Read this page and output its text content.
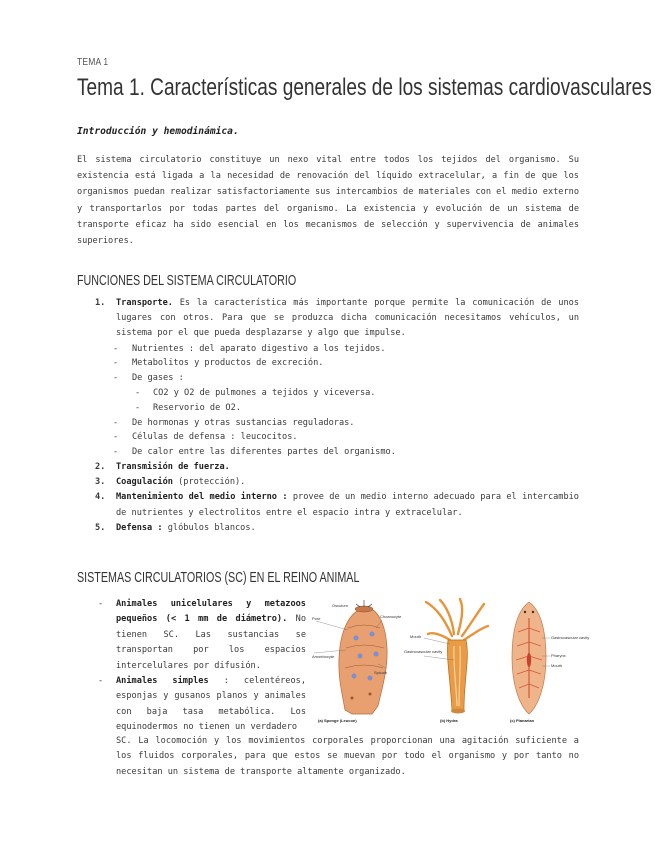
TEMA 1
Tema 1. Características generales de los sistemas cardiovasculares
Introducción y hemodinámica.

El sistema circulatorio constituye un nexo vital entre todos los tejidos del organismo. Su existencia está ligada a la necesidad de renovación del líquido extracelular, a fin de que los organismos puedan realizar satisfactoriamente sus intercambios de materiales con el medio externo y transportarlos por todas partes del organismo. La existencia y evolución de un sistema de transporte eficaz ha sido esencial en los mecanismos de selección y supervivencia de animales superiores.

FUNCIONES DEL SISTEMA CIRCULATORIO
1. Transporte. Es la característica más importante porque permite la comunicación de unos lugares con otros. Para que se produzca dicha comunicación necesitamos vehículos, un sistema por el que pueda desplazarse y algo que impulse.
- Nutrientes : del aparato digestivo a los tejidos.
- Metabolitos y productos de excreción.
- De gases :
- CO2 y O2 de pulmones a tejidos y viceversa.
- Reservorio de O2.
- De hormonas y otras sustancias reguladoras.
- Células de defensa : leucocitos.
- De calor entre las diferentes partes del organismo.
2. Transmisión de fuerza.
3. Coagulación (protección).
4. Mantenimiento del medio interno : provee de un medio interno adecuado para el intercambio de nutrientes y electrolitos entre el espacio intra y extracelular.
5. Defensa : glóbulos blancos.
SISTEMAS CIRCULATORIOS (SC) EN EL REINO ANIMAL
- Animales unicelulares y metazoos pequeños (< 1 mm de diámetro). No tienen SC. Las sustancias se transportan por los espacios intercelulares por difusión.
- Animales simples : celentéreos, esponjas y gusanos planos y animales con baja tasa metabólica. Los equinodermos no tienen un verdadero

SC. La locomoción y los movimientos corporales proporcionan una agitación suficiente a los fluidos corporales, para que estos se muevan por todo el organismo y por tanto no necesitan un sistema de transporte altamente organizado.

Osculum
Pore	Choanocyte
Amoebocyte
Spicule
(a) Sponge (Leucon)
Mouth
Gastrovascular cavity
(b) Hydra
Gastrovascular cavity
Pharynx
Mouth
(c) Planarian
